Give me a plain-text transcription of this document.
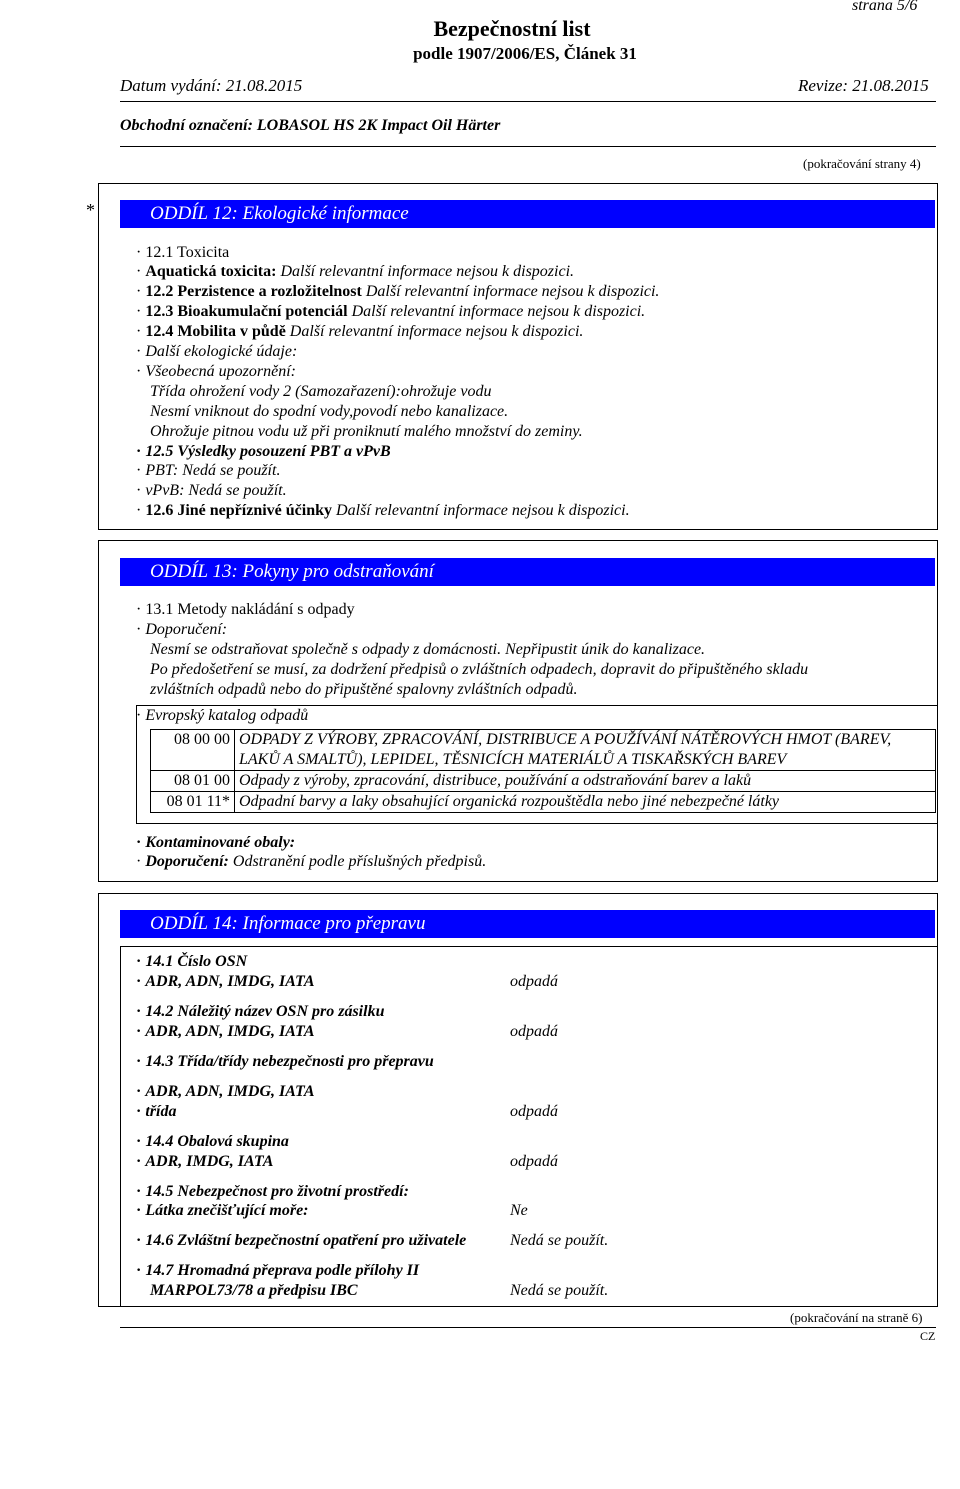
strana 5/6
Bezpečnostní list
podle 1907/2006/ES, Článek 31
Datum vydání: 21.08.2015	Revize: 21.08.2015
Obchodní označení: LOBASOL HS 2K Impact Oil Härter
(pokračování strany 4)
*	ODDÍL 12: Ekologické informace
· 12.1 Toxicita
· Aquatická toxicita: Další relevantní informace nejsou k dispozici.
· 12.2 Perzistence a rozložitelnost Další relevantní informace nejsou k dispozici.
· 12.3 Bioakumulační potenciál Další relevantní informace nejsou k dispozici.
· 12.4 Mobilita v půdě Další relevantní informace nejsou k dispozici.
· Další ekologické údaje:
· Všeobecná upozornění:
Třída ohrožení vody 2 (Samozařazení):ohrožuje vodu
Nesmí vniknout do spodní vody,povodí nebo kanalizace.
Ohrožuje pitnou vodu už při proniknutí malého množství do zeminy.
· 12.5 Výsledky posouzení PBT a vPvB
· PBT: Nedá se použít.
· vPvB: Nedá se použít.
· 12.6 Jiné nepříznivé účinky Další relevantní informace nejsou k dispozici.
ODDÍL 13: Pokyny pro odstraňování
· 13.1 Metody nakládání s odpady
· Doporučení:
Nesmí se odstraňovat společně s odpady z domácnosti. Nepřipustit únik do kanalizace.
Po předošetření se musí, za dodržení předpisů o zvláštních odpadech, dopravit do připuštěného skladu
zvláštních odpadů nebo do připuštěné spalovny zvláštních odpadů.
· Evropský katalog odpadů
08 00 00	ODPADY Z VÝROBY, ZPRACOVÁNÍ, DISTRIBUCE A POUŽÍVÁNÍ NÁTĚROVÝCH HMOT (BAREV, LAKŮ A SMALTŮ), LEPIDEL, TĚSNICÍCH MATERIÁLŮ A TISKAŘSKÝCH BAREV
08 01 00	Odpady z výroby, zpracování, distribuce, používání a odstraňování barev a laků
08 01 11*	Odpadní barvy a laky obsahující organická rozpouštědla nebo jiné nebezpečné látky
· Kontaminované obaly:
· Doporučení: Odstranění podle příslušných předpisů.
ODDÍL 14: Informace pro přepravu
· 14.1 Číslo OSN
· ADR, ADN, IMDG, IATA	odpadá
· 14.2 Náležitý název OSN pro zásilku
· ADR, ADN, IMDG, IATA	odpadá
· 14.3 Třída/třídy nebezpečnosti pro přepravu
· ADR, ADN, IMDG, IATA
· třída	odpadá
· 14.4 Obalová skupina
· ADR, IMDG, IATA	odpadá
· 14.5 Nebezpečnost pro životní prostředí:
· Látka znečišťující moře:	Ne
· 14.6 Zvláštní bezpečnostní opatření pro uživatele	Nedá se použít.
· 14.7 Hromadná přeprava podle přílohy II
MARPOL73/78 a předpisu IBC	Nedá se použít.
(pokračování na straně 6)
CZ
